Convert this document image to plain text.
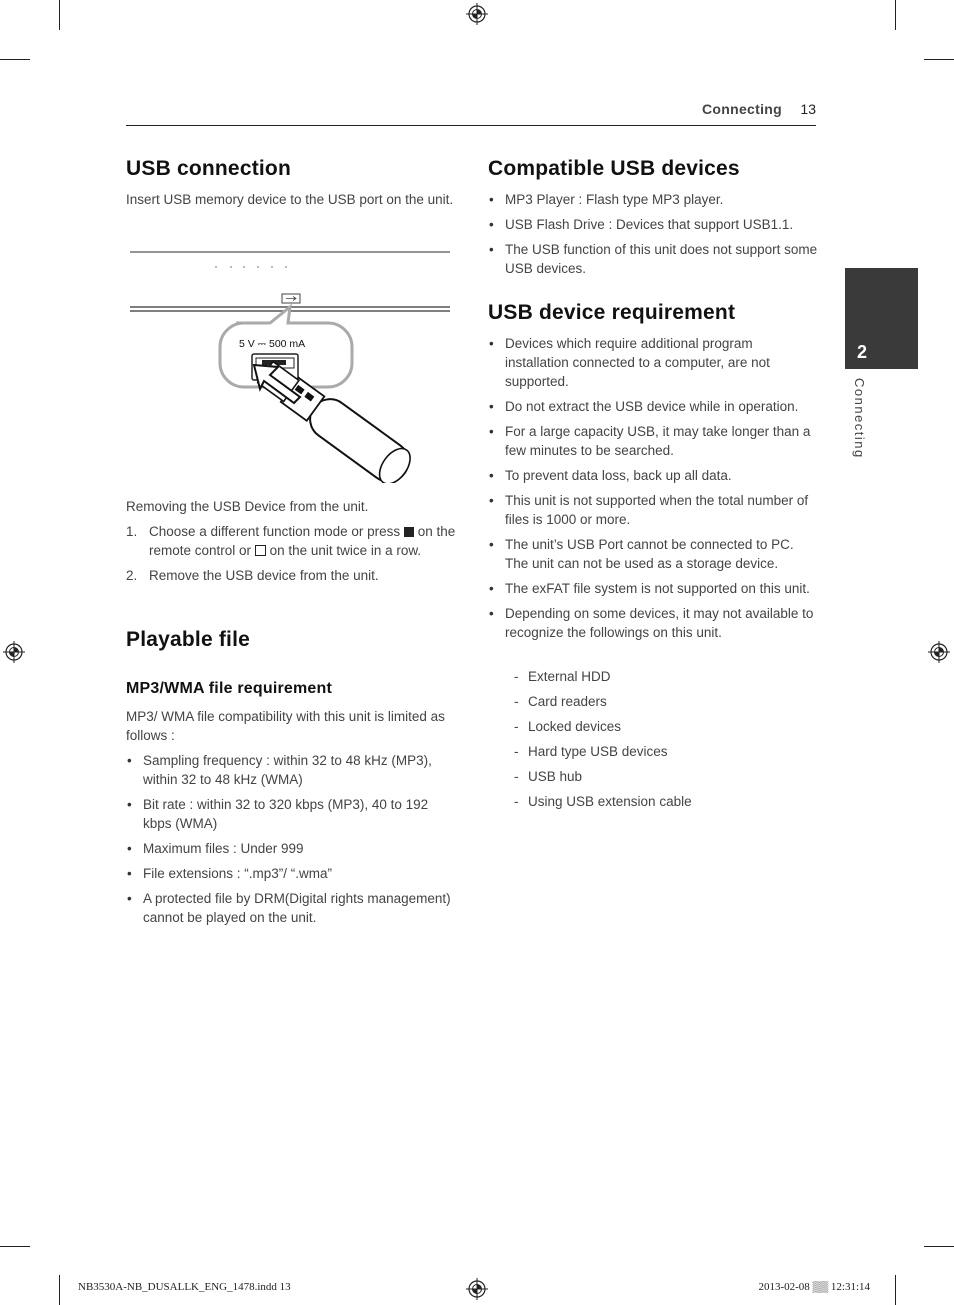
Connecting 13
2
Connecting
USB connection
Insert USB memory device to the USB port on the unit.
5 V ⎓ 500 mA
Removing the USB Device from the unit.
1. Choose a different function mode or press on the remote control or on the unit twice in a row.
2. Remove the USB device from the unit.
Playable file
MP3/WMA file requirement
MP3/ WMA file compatibility with this unit is limited as follows :
• Sampling frequency : within 32 to 48 kHz (MP3), within 32 to 48 kHz (WMA)
• Bit rate : within 32 to 320 kbps (MP3), 40 to 192 kbps (WMA)
• Maximum files : Under 999
• File extensions : “.mp3”/ “.wma”
• A protected file by DRM(Digital rights management) cannot be played on the unit.
Compatible USB devices
• MP3 Player : Flash type MP3 player.
• USB Flash Drive : Devices that support USB1.1.
• The USB function of this unit does not support some USB devices.
USB device requirement
• Devices which require additional program installation connected to a computer, are not supported.
• Do not extract the USB device while in operation.
• For a large capacity USB, it may take longer than a few minutes to be searched.
• To prevent data loss, back up all data.
• This unit is not supported when the total number of files is 1000 or more.
• The unit’s USB Port cannot be connected to PC. The unit can not be used as a storage device.
• The exFAT file system is not supported on this unit.
• Depending on some devices, it may not available to recognize the followings on this unit.
- External HDD
- Card readers
- Locked devices
- Hard type USB devices
- USB hub
- Using USB extension cable
NB3530A-NB_DUSALLK_ENG_1478.indd 13	2013-02-08 ▒▒ 12:31:14
